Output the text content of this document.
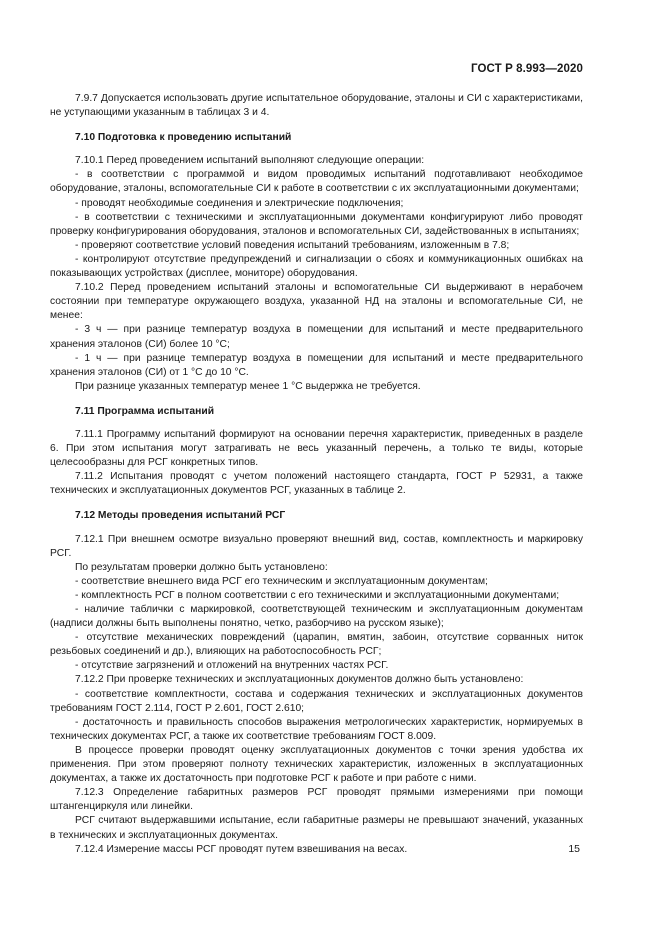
ГОСТ Р 8.993—2020
7.9.7 Допускается использовать другие испытательное оборудование, эталоны и СИ с характеристиками, не уступающими указанным в таблицах 3 и 4.
7.10 Подготовка к проведению испытаний
7.10.1 Перед проведением испытаний выполняют следующие операции:
- в соответствии с программой и видом проводимых испытаний подготавливают необходимое оборудование, эталоны, вспомогательные СИ к работе в соответствии с их эксплуатационными документами;
- проводят необходимые соединения и электрические подключения;
- в соответствии с техническими и эксплуатационными документами конфигурируют либо проводят проверку конфигурирования оборудования, эталонов и вспомогательных СИ, задействованных в испытаниях;
- проверяют соответствие условий поведения испытаний требованиям, изложенным в 7.8;
- контролируют отсутствие предупреждений и сигнализации о сбоях и коммуникационных ошибках на показывающих устройствах (дисплее, мониторе) оборудования.
7.10.2 Перед проведением испытаний эталоны и вспомогательные СИ выдерживают в нерабочем состоянии при температуре окружающего воздуха, указанной НД на эталоны и вспомогательные СИ, не менее:
- 3 ч — при разнице температур воздуха в помещении для испытаний и месте предварительного хранения эталонов (СИ) более 10 °С;
- 1 ч — при разнице температур воздуха в помещении для испытаний и месте предварительного хранения эталонов (СИ) от 1 °С до 10 °С.
При разнице указанных температур менее 1 °С выдержка не требуется.
7.11 Программа испытаний
7.11.1 Программу испытаний формируют на основании перечня характеристик, приведенных в разделе 6. При этом испытания могут затрагивать не весь указанный перечень, а только те виды, которые целесообразны для РСГ конкретных типов.
7.11.2 Испытания проводят с учетом положений настоящего стандарта, ГОСТ Р 52931, а также технических и эксплуатационных документов РСГ, указанных в таблице 2.
7.12 Методы проведения испытаний РСГ
7.12.1 При внешнем осмотре визуально проверяют внешний вид, состав, комплектность и маркировку РСГ.
По результатам проверки должно быть установлено:
- соответствие внешнего вида РСГ его техническим и эксплуатационным документам;
- комплектность РСГ в полном соответствии с его техническими и эксплуатационными документами;
- наличие таблички с маркировкой, соответствующей техническим и эксплуатационным документам (надписи должны быть выполнены понятно, четко, разборчиво на русском языке);
- отсутствие механических повреждений (царапин, вмятин, забоин, отсутствие сорванных ниток резьбовых соединений и др.), влияющих на работоспособность РСГ;
- отсутствие загрязнений и отложений на внутренних частях РСГ.
7.12.2 При проверке технических и эксплуатационных документов должно быть установлено:
- соответствие комплектности, состава и содержания технических и эксплуатационных документов требованиям ГОСТ 2.114, ГОСТ Р 2.601, ГОСТ 2.610;
- достаточность и правильность способов выражения метрологических характеристик, нормируемых в технических документах РСГ, а также их соответствие требованиям ГОСТ 8.009.
В процессе проверки проводят оценку эксплуатационных документов с точки зрения удобства их применения. При этом проверяют полноту технических характеристик, изложенных в эксплуатационных документах, а также их достаточность при подготовке РСГ к работе и при работе с ними.
7.12.3 Определение габаритных размеров РСГ проводят прямыми измерениями при помощи штангенциркуля или линейки.
РСГ считают выдержавшими испытание, если габаритные размеры не превышают значений, указанных в технических и эксплуатационных документах.
7.12.4 Измерение массы РСГ проводят путем взвешивания на весах.	15
